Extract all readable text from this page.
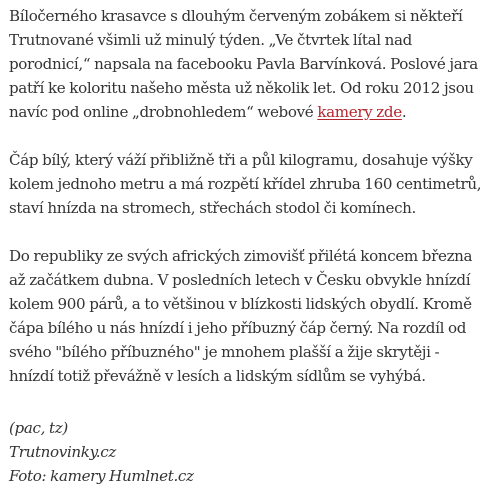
Bíločerného krasavce s dlouhým červeným zobákem si někteří Trutnované všimli už minulý týden. „Ve čtvrtek lítal nad porodnicí,“ napsala na facebooku Pavla Barvínková. Poslové jara patří ke koloritu našeho města už několik let. Od roku 2012 jsou navíc pod online „drobnohledem“ webové kamery zde.

Čáp bílý, který váží přibližně tři a půl kilogramu, dosahuje výšky kolem jednoho metru a má rozpětí křídel zhruba 160 centimetrů, staví hnízda na stromech, střechách stodol či komínech.

Do republiky ze svých afrických zimovišť přilétá koncem března až začátkem dubna. V posledních letech v Česku obvykle hnízdí kolem 900 párů, a to většinou v blízkosti lidských obydlí. Kromě čápa bílého u nás hnízdí i jeho příbuzný čáp černý. Na rozdíl od svého "bílého příbuzného" je mnohem plašší a žije skrytěji - hnízdí totiž převážně v lesích a lidským sídlům se vyhýbá.

(pac, tz)
Trutnovinky.cz
Foto: kamery Humlnet.cz
